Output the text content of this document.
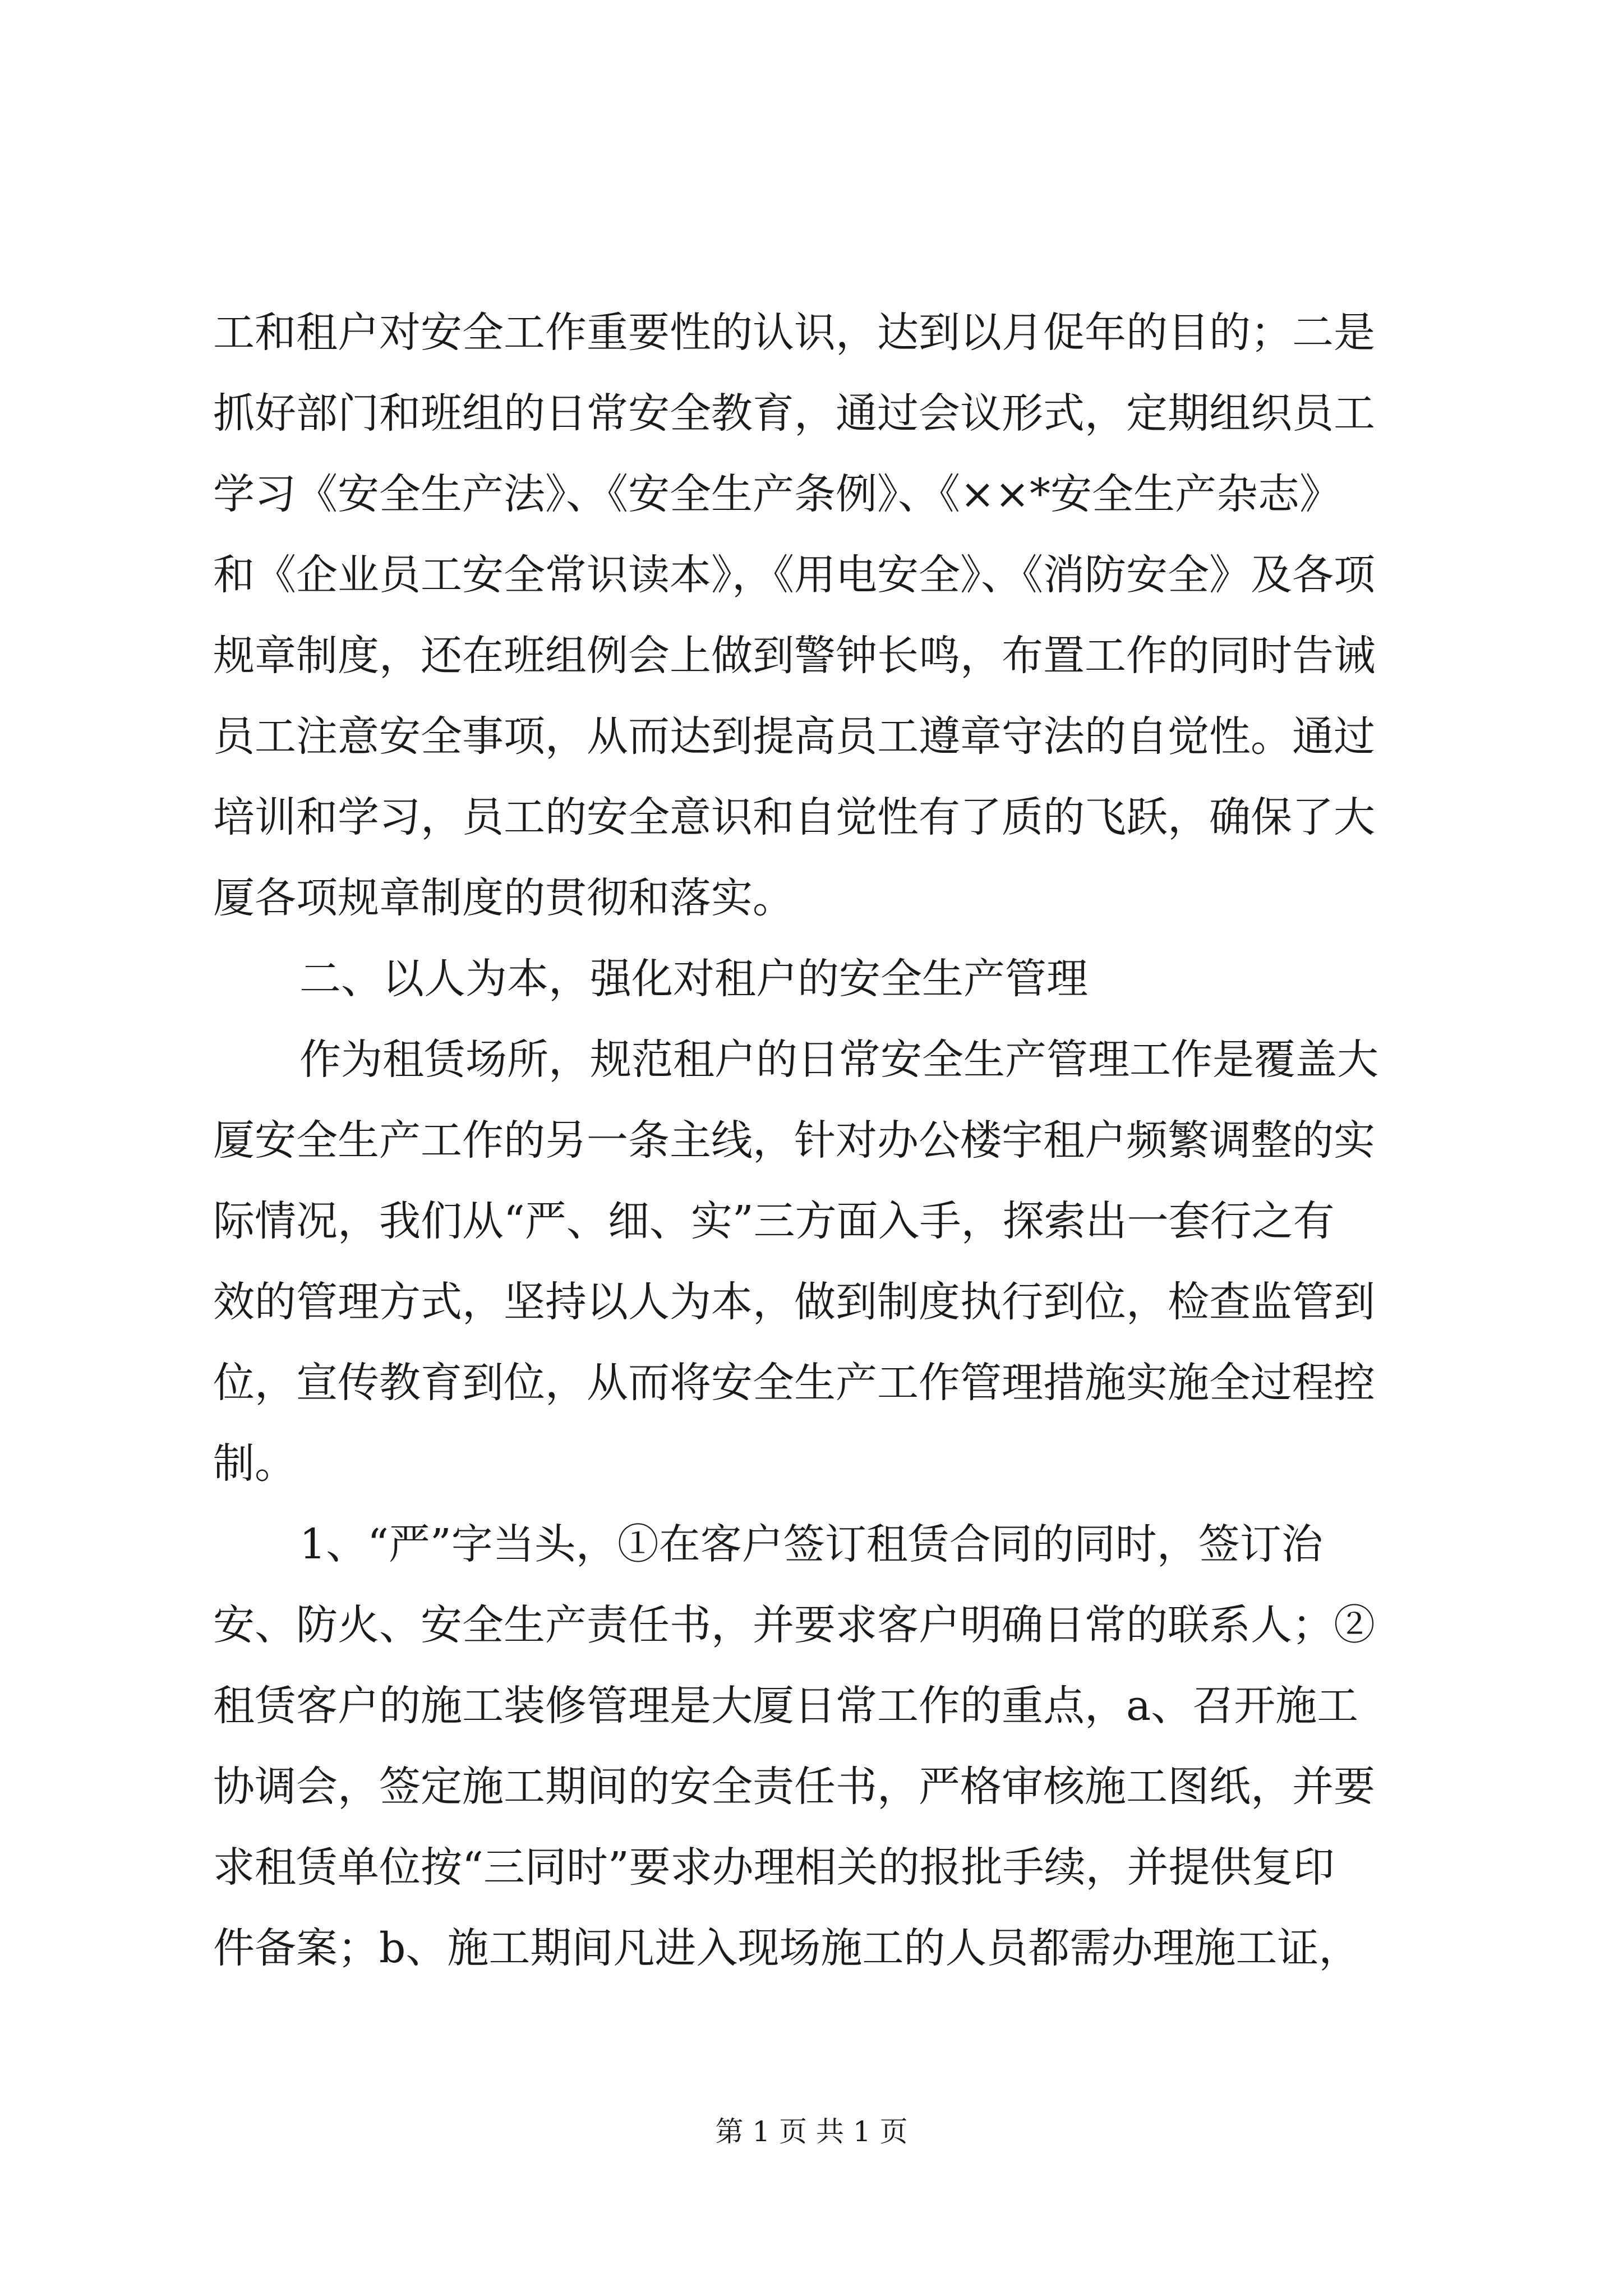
工和租户对安全工作重要性的认识，达到以月促年的目的；二是
抓好部门和班组的日常安全教育，通过会议形式，定期组织员工
学习《安全生产法》、《安全生产条例》、《××*安全生产杂志》
和《企业员工安全常识读本》，《用电安全》、《消防安全》及各项
规章制度，还在班组例会上做到警钟长鸣，布置工作的同时告诫
员工注意安全事项，从而达到提高员工遵章守法的自觉性。通过
培训和学习，员工的安全意识和自觉性有了质的飞跃，确保了大
厦各项规章制度的贯彻和落实。
二、以人为本，强化对租户的安全生产管理
作为租赁场所，规范租户的日常安全生产管理工作是覆盖大
厦安全生产工作的另一条主线，针对办公楼宇租户频繁调整的实
际情况，我们从“严、细、实”三方面入手，探索出一套行之有
效的管理方式，坚持以人为本，做到制度执行到位，检查监管到
位，宣传教育到位，从而将安全生产工作管理措施实施全过程控
制。
1、“严”字当头，①在客户签订租赁合同的同时，签订治
安、防火、安全生产责任书，并要求客户明确日常的联系人；②
租赁客户的施工装修管理是大厦日常工作的重点，a、召开施工
协调会，签定施工期间的安全责任书，严格审核施工图纸，并要
求租赁单位按“三同时”要求办理相关的报批手续，并提供复印
件备案；b、施工期间凡进入现场施工的人员都需办理施工证，
第 1 页 共 1 页
